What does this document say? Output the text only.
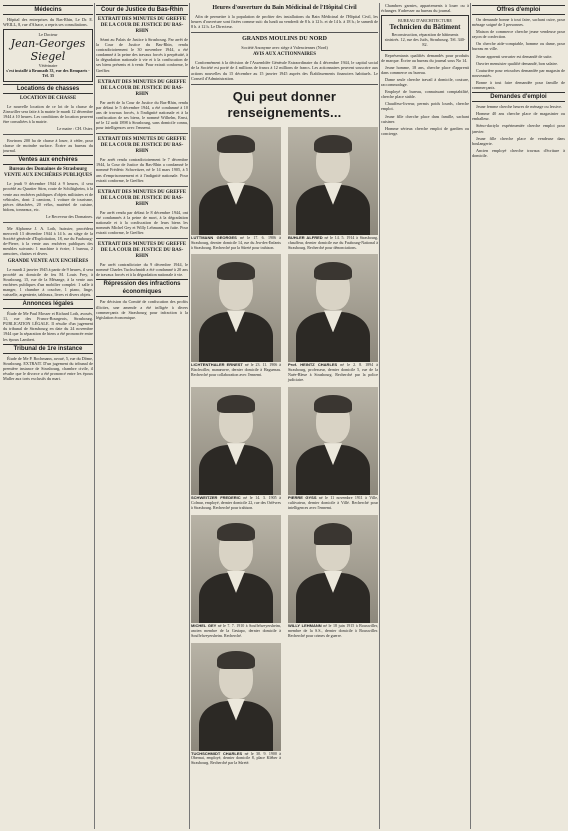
Médecins
Hôpital des entreprises du Bas-Rhin, Le Dr. E. WEILL, 8, rue d'Alsace, a repris ses consultations.
Le Docteur
Jean-Georges Siegel
Vétérinaire
s'est installé à Brumath 33, rue des Remparts - Tél. 35
Locations de chasses
LOCATION DE CHASSE
Le nouvelle location de ce lot de la chasse de Zinswiller sera faite à la mairie le mardi 12 décembre 1944 à 10 heures. Les conditions de location peuvent être consultées à la mairie.
Le maire : CH. Oster.
Environs 200 ha de chasse à louer, à céder, pour chasse de moindre surface. Écrire au bureau du journal.
Ventes aux enchères
Bureau des Domaines de Strasbourg VENTE AUX ENCHÈRES PUBLIQUES
Le jeudi 9 décembre 1944 à 9 heures, il sera procédé au Quartier Stirn, route de Schiltigheim, à la vente aux enchères publiques d'objets militaires et de véhicules, dont: 2 camions, 1 voiture de tourisme, pièces détachées, 20 vélos, matériel de cuisine, bidons, tonneaux, etc.
Le Receveur des Domaines.
Me Alphonse J. A. Loth, huissier, procédera mercredi 13 décembre 1944 à 14 h. au siège de la Société générale d'Exploitation, 18, rue du Faubourg-de-Pierre, à la vente aux enchères publiques des meubles suivants: 1 machine à écrire, 1 bureau, 2 armoires, chaises et divers.
GRANDE VENTE AUX ENCHÈRES
Le mardi 2 janvier 1945 à partir de 9 heures, il sera procédé au domicile de feu M. Louis Frey, à Strasbourg, 15, rue de la Mésange, à la vente aux enchères publiques d'un mobilier complet: 1 salle à manger, 1 chambre à coucher, 1 piano, linge, vaisselle, argenterie, tableaux, livres et divers objets.
Annonces légales
Étude de Me Paul Mosser et Richard Loth, avoués, 11, rue des Francs-Bourgeois, Strasbourg. PUBLICATION LÉGALE. Il résulte d'un jugement du tribunal de Strasbourg en date du 24 novembre 1944 que la séparation de biens a été prononcée entre les époux Lambert.
Tribunal de 1re instance
Étude de Me P. Bochmann, avoué, 5, rue du Dôme, Strasbourg. EXTRAIT. D'un jugement du tribunal de première instance de Strasbourg, chambre civile, il résulte que le divorce a été prononcé entre les époux Muller aux torts exclusifs du mari.
Cour de Justice du Bas-Rhin
EXTRAIT DES MINUTES DU GREFFE DE LA COUR DE JUSTICE DU BAS-RHIN
Séant au Palais de Justice à Strasbourg. Par arrêt de la Cour de Justice du Bas-Rhin, rendu contradictoirement le 30 novembre 1944, a été condamné à la peine des travaux forcés à perpétuité, à la dégradation nationale à vie et à la confiscation de ses biens présents et à venir. Pour extrait conforme, le Greffier.
EXTRAIT DES MINUTES DU GREFFE DE LA COUR DE JUSTICE DU BAS-RHIN
Par arrêt de la Cour de Justice du Bas-Rhin, rendu par défaut le 5 décembre 1944, a été condamné à 10 ans de travaux forcés, à l'indignité nationale et à la confiscation de ses biens, le nommé Wilhelm, Ernst, né le 12 août 1898 à Strasbourg, sans domicile connu, pour intelligences avec l'ennemi.
EXTRAIT DES MINUTES DU GREFFE DE LA COUR DE JUSTICE DU BAS-RHIN
Par arrêt rendu contradictoirement le 7 décembre 1944, la Cour de Justice du Bas-Rhin a condamné le nommé Frédéric Schweitzer, né le 14 mars 1905, à 5 ans d'emprisonnement et à l'indignité nationale. Pour extrait conforme, le Greffier.
EXTRAIT DES MINUTES DU GREFFE DE LA COUR DE JUSTICE DU BAS-RHIN
Par arrêt rendu par défaut le 8 décembre 1944, ont été condamnés à la peine de mort, à la dégradation nationale et à la confiscation de leurs biens les nommés Michel Gey et Willy Lehmann, en fuite. Pour extrait conforme, le Greffier.
EXTRAIT DES MINUTES DU GREFFE DE LA COUR DE JUSTICE DU BAS-RHIN
Par arrêt contradictoire du 9 décembre 1944, le nommé Charles Tuchschmidt a été condamné à 20 ans de travaux forcés et à la dégradation nationale à vie.
Répression des infractions économiques
Par décision du Comité de confiscation des profits illicites, une amende a été infligée à divers commerçants de Strasbourg pour infraction à la législation économique.
Heures d'ouverture du Bain Médicinal de l'Hôpital Civil
Afin de permettre à la population de profiter des installations du Bain Médicinal de l'Hôpital Civil, les heures d'ouverture sont fixées comme suit: du lundi au vendredi de 8 h. à 12 h. et de 14 h. à 18 h.; le samedi de 8 h. à 12 h. Le Directeur.
GRANDS MOULINS DU NORD
Société Anonyme avec siège à Valenciennes (Nord)
AVIS AUX ACTIONNAIRES
Conformément à la décision de l'Assemblée Générale Extraordinaire du 4 décembre 1944, le capital social de la Société est porté de 4 millions de francs à 12 millions de francs. Les actionnaires peuvent souscrire aux actions nouvelles du 15 décembre au 15 janvier 1945 auprès des Établissements financiers habituels. Le Conseil d'Administration.
Qui peut donner renseignements...
LUTTMANN GEORGES né le 17. 6. 1906 à Strasbourg, dernier domicile 14, rue du Jeu-des-Enfants à Strasbourg. Recherché par la Sûreté pour trahison.
BUHLER ALFRED né le 14. 5. 1914 à Strasbourg, chauffeur, dernier domicile rue du Faubourg-National à Strasbourg. Recherché pour dénonciations.
LICHTENTHALER ERNEST né le 23. 11. 1906 à Bischwiller, manœuvre, dernier domicile à Haguenau. Recherché pour collaboration avec l'ennemi.
Prof. HEINTZ CHARLES né le 2. 8. 1894 à Strasbourg, professeur, dernier domicile 5, rue de la Nuée-Bleue à Strasbourg. Recherché par la police judiciaire.
SCHWEITZER FREDERIC né le 14. 3. 1905 à Colmar, employé, dernier domicile 22, rue des Orfèvres à Strasbourg. Recherché pour trahison.
PIERRE GYSS né le 11 novembre 1911 à Ville, cultivateur, dernier domicile à Villé. Recherché pour intelligences avec l'ennemi.
MICHEL GEY né le 7. 7. 1910 à Souffelweyersheim, ancien membre de la Gestapo, dernier domicile à Souffelweyersheim. Recherché.
WILLY LEHMANN né le 18 juin 1915 à Bouxwiller, membre de la S.S., dernier domicile à Bouxwiller. Recherché pour crimes de guerre.
TUCHSCHMIDT CHARLES né le 30. 9. 1900 à Obernai, employé, dernier domicile 8, place Kléber à Strasbourg. Recherché par la Sûreté.
Chambres garnies, appartements à louer ou à échanger. S'adresser au bureau du journal.
BUREAU D'ARCHITECTURE
Technicien du Bâtiment
Reconstruction, réparation de bâtiments sinistrés. 12, rue des Juifs, Strasbourg. Tél. 340-82.
Représentants qualifiés demandés pour produits de marque. Écrire au bureau du journal sous No 14.
Jeune homme, 18 ans, cherche place d'apprenti dans commerce ou bureau.
Dame seule cherche travail à domicile, couture, raccommodage.
Employé de bureau, connaissant comptabilité, cherche place stable.
Chauffeur-livreur, permis poids lourds, cherche emploi.
Jeune fille cherche place dans famille, sachant cuisiner.
Homme sérieux cherche emploi de gardien ou concierge.
Offres d'emploi
On demande bonne à tout faire, sachant cuire, pour ménage soigné de 3 personnes.
Maison de commerce cherche jeune vendeuse pour rayon de confection.
On cherche aide-comptable, homme ou dame, pour bureau en ville.
Jeune apprenti serrurier est demandé de suite.
Ouvrier menuisier qualifié demandé, bon salaire.
Couturière pour retouches demandée par magasin de nouveautés.
Bonne à tout faire demandée pour famille de commerçants.
Demandes d'emploi
Jeune femme cherche heures de ménage ou lessive.
Homme 40 ans cherche place de magasinier ou emballeur.
Sténo-dactylo expérimentée cherche emploi pour janvier.
Jeune fille cherche place de vendeuse dans boulangerie.
Ancien employé cherche travaux d'écriture à domicile.
